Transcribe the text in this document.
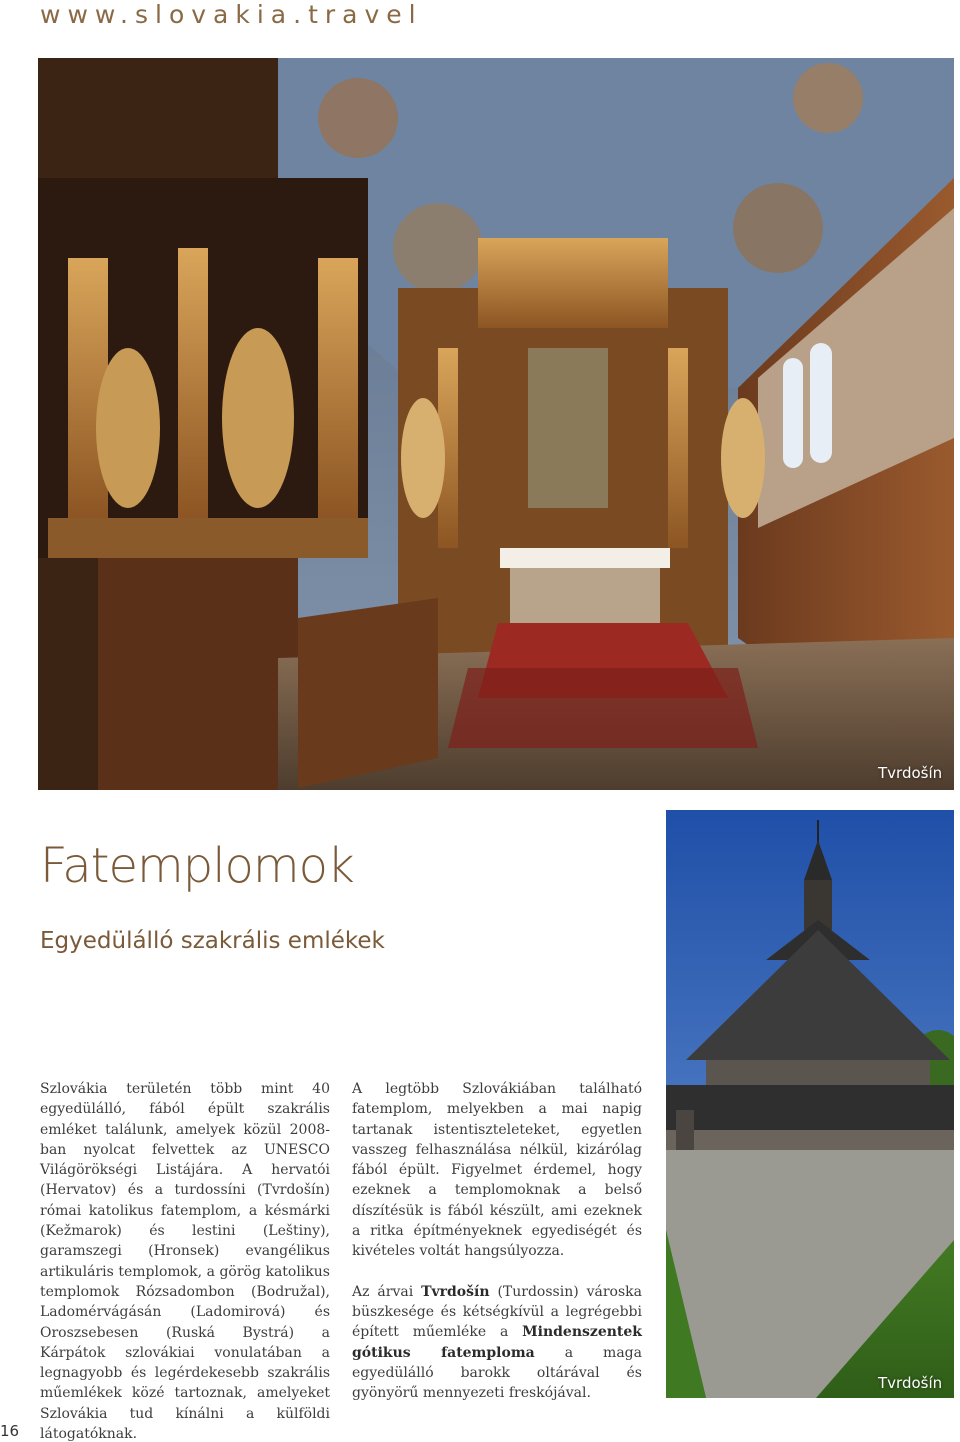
www.slovakia.travel
Tvrdošín
Fatemplomok
Egyedülálló szakrális emlékek
Tvrdošín

Szlovákia területén több mint 40 egyedülálló, fából épült szakrális emléket találunk, amelyek közül 2008-ban nyolcat felvettek az UNESCO Világörökségi Listájára. A hervatói (Hervatov) és a turdossíni (Tvrdošín) római katolikus fatemplom, a késmárki (Kežmarok) és lestini (Leštiny), garamszegi (Hronsek) evangélikus artikuláris templomok, a görög katolikus templomok Rózsadombon (Bodružal), Ladomérvágásán (Ladomirová) és Oroszsebesen (Ruská Bystrá) a Kárpátok szlovákiai vonulatában a legnagyobb és legérdekesebb szakrális műemlékek közé tartoznak, amelyeket Szlovákia tud kínálni a külföldi látogatóknak.

A legtöbb Szlovákiában található fatemplom, melyekben a mai napig tartanak istentiszteleteket, egyetlen vasszeg felhasználása nélkül, kizárólag fából épült. Figyelmet érdemel, hogy ezeknek a templomoknak a belső díszítésük is fából készült, ami ezeknek a ritka építményeknek egyediségét és kivételes voltát hangsúlyozza.

Az árvai Tvrdošín (Turdossin) városka büszkesége és kétségkívül a legrégebbi épített műemléke a Mindenszentek gótikus fatemploma a maga egyedülálló barokk oltárával és gyönyörű mennyezeti freskójával.

16
